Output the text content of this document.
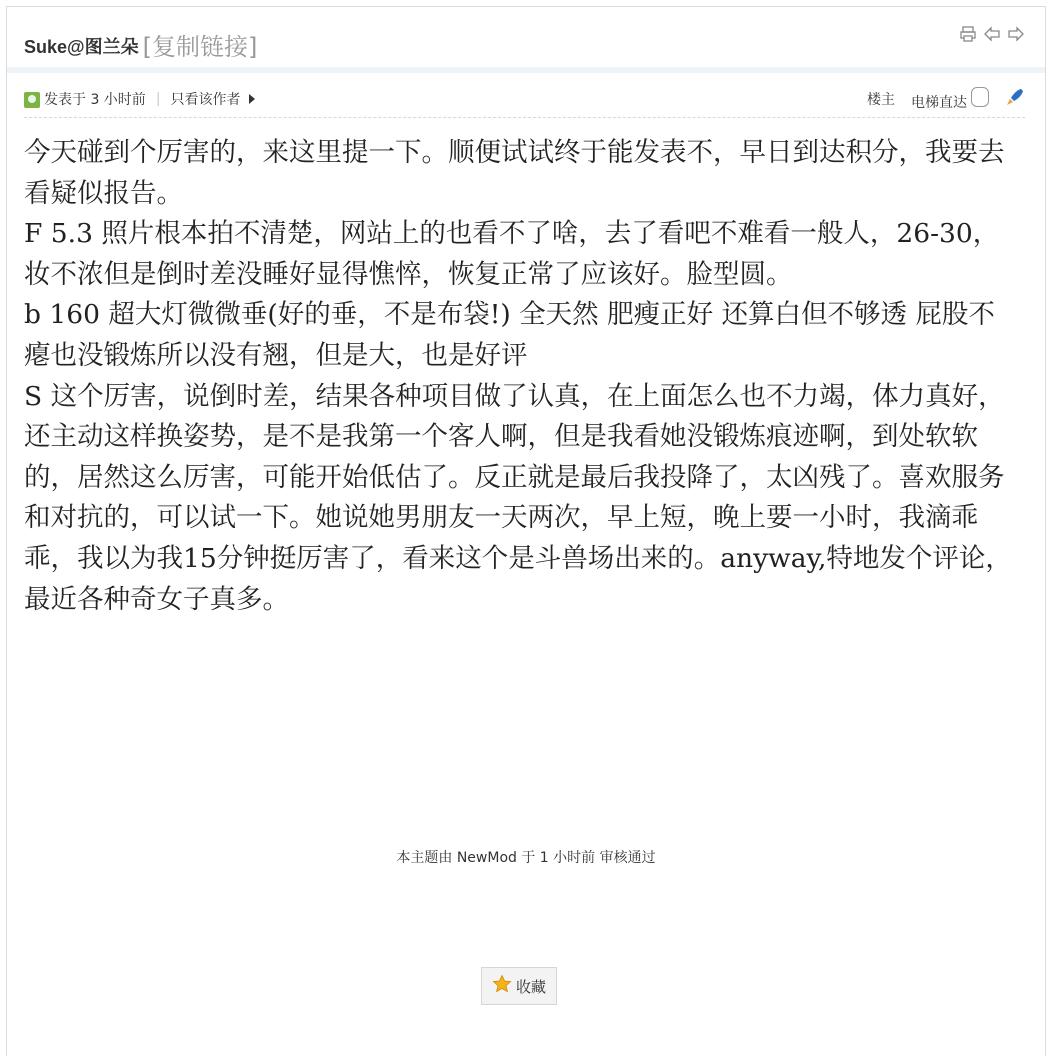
Suke@图兰朵 [复制链接]
发表于 3 小时前 | 只看该作者	楼主 电梯直达

今天碰到个厉害的，来这里提一下。顺便试试终于能发表不，早日到达积分，我要去看疑似报告。

F 5.3 照片根本拍不清楚，网站上的也看不了啥，去了看吧不难看一般人，26-30，妆不浓但是倒时差没睡好显得憔悴，恢复正常了应该好。脸型圆。

b 160 超大灯微微垂(好的垂，不是布袋!) 全天然 肥瘦正好 还算白但不够透 屁股不瘪也没锻炼所以没有翘，但是大，也是好评

S 这个厉害，说倒时差，结果各种项目做了认真，在上面怎么也不力竭，体力真好，还主动这样换姿势，是不是我第一个客人啊，但是我看她没锻炼痕迹啊，到处软软的，居然这么厉害，可能开始低估了。反正就是最后我投降了，太凶残了。喜欢服务和对抗的，可以试一下。她说她男朋友一天两次，早上短，晚上要一小时，我滴乖乖，我以为我15分钟挺厉害了，看来这个是斗兽场出来的。anyway,特地发个评论，最近各种奇女子真多。

本主题由 NewMod 于 1 小时前 审核通过
收藏
